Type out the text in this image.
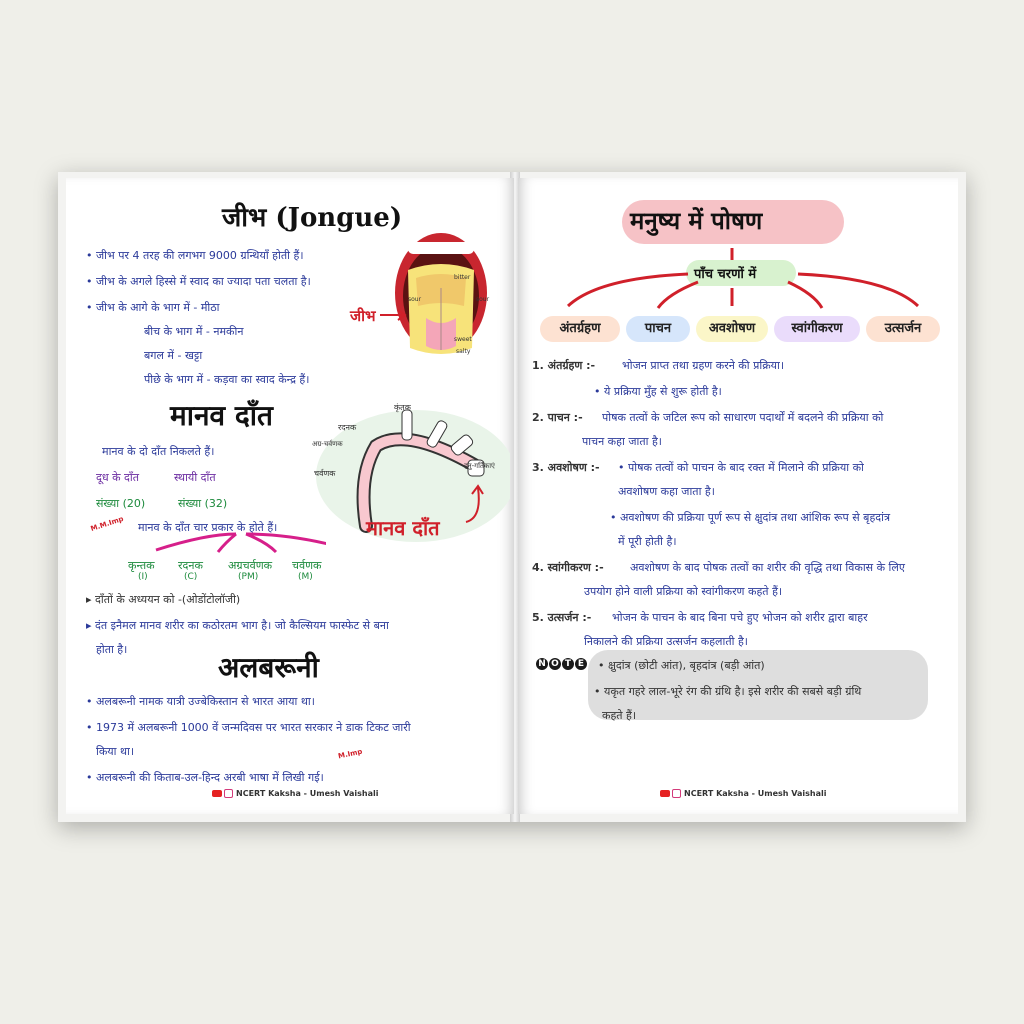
जीभ (Jongue)
• जीभ पर 4 तरह की लगभग 9000 ग्रन्थियाँ होती हैं।
• जीभ के अगले हिस्से में स्वाद का ज्यादा पता चलता है।
• जीभ के आगे के भाग में - मीठा
बीच के भाग में - नमकीन
बगल में - खट्टा
पीछे के भाग में - कड़वा का स्वाद केन्द्र हैं।
bitter
sour	sour
sweet
salty
जीभ
मानव दाँत
मानव के दो दाँत निकलते हैं।
दूध के दाँत	स्थायी दाँत
संख्या (20)	संख्या (32)
M.M.Imp मानव के दाँत चार प्रकार के होते हैं।
कृन्तक
(I)
रदनक
(C)
अग्रचर्वणक
(PM)
चर्वणक
(M)
कृंतक
रदनक
अग्र-चर्वणक
चर्वणक
हनु-गर्तिकाएं
मानव दाँत
▸ दाँतों के अध्ययन को -(ओडोंटोलॉजी)
▸ दंत इनैमल मानव शरीर का कठोरतम भाग है। जो कैल्सियम फास्फेट से बना
होता है।
अलबरूनी
• अलबरूनी नामक यात्री उज्बेकिस्तान से भारत आया था।
• 1973 में अलबरूनी 1000 वें जन्मदिवस पर भारत सरकार ने डाक टिकट जारी
किया था।	M.Imp
• अलबरूनी की किताब-उल-हिन्द अरबी भाषा में लिखी गई।
NCERT Kaksha - Umesh Vaishali
मनुष्य में पोषण
पाँच चरणों में
अंतर्ग्रहण	पाचन	अवशोषण	स्वांगीकरण	उत्सर्जन
1. अंतर्ग्रहण :- भोजन प्राप्त तथा ग्रहण करने की प्रक्रिया।
• ये प्रक्रिया मुँह से शुरू होती है।
2. पाचन :- पोषक तत्वों के जटिल रूप को साधारण पदार्थों में बदलने की प्रक्रिया को
पाचन कहा जाता है।
3. अवशोषण :- • पोषक तत्वों को पाचन के बाद रक्त में मिलाने की प्रक्रिया को
अवशोषण कहा जाता है।
• अवशोषण की प्रक्रिया पूर्ण रूप से क्षुदांत्र तथा आंशिक रूप से बृहदांत्र
में पूरी होती है।
4. स्वांगीकरण :- अवशोषण के बाद पोषक तत्वों का शरीर की वृद्धि तथा विकास के लिए
उपयोग होने वाली प्रक्रिया को स्वांगीकरण कहते हैं।
5. उत्सर्जन :- भोजन के पाचन के बाद बिना पचे हुए भोजन को शरीर द्वारा बाहर
निकालने की प्रक्रिया उत्सर्जन कहलाती है।
N O T E	• क्षुदांत्र (छोटी आंत), बृहदांत्र (बड़ी आंत)
• यकृत गहरे लाल-भूरे रंग की ग्रंथि है। इसे शरीर की सबसे बड़ी ग्रंथि
कहते हैं।
NCERT Kaksha - Umesh Vaishali
